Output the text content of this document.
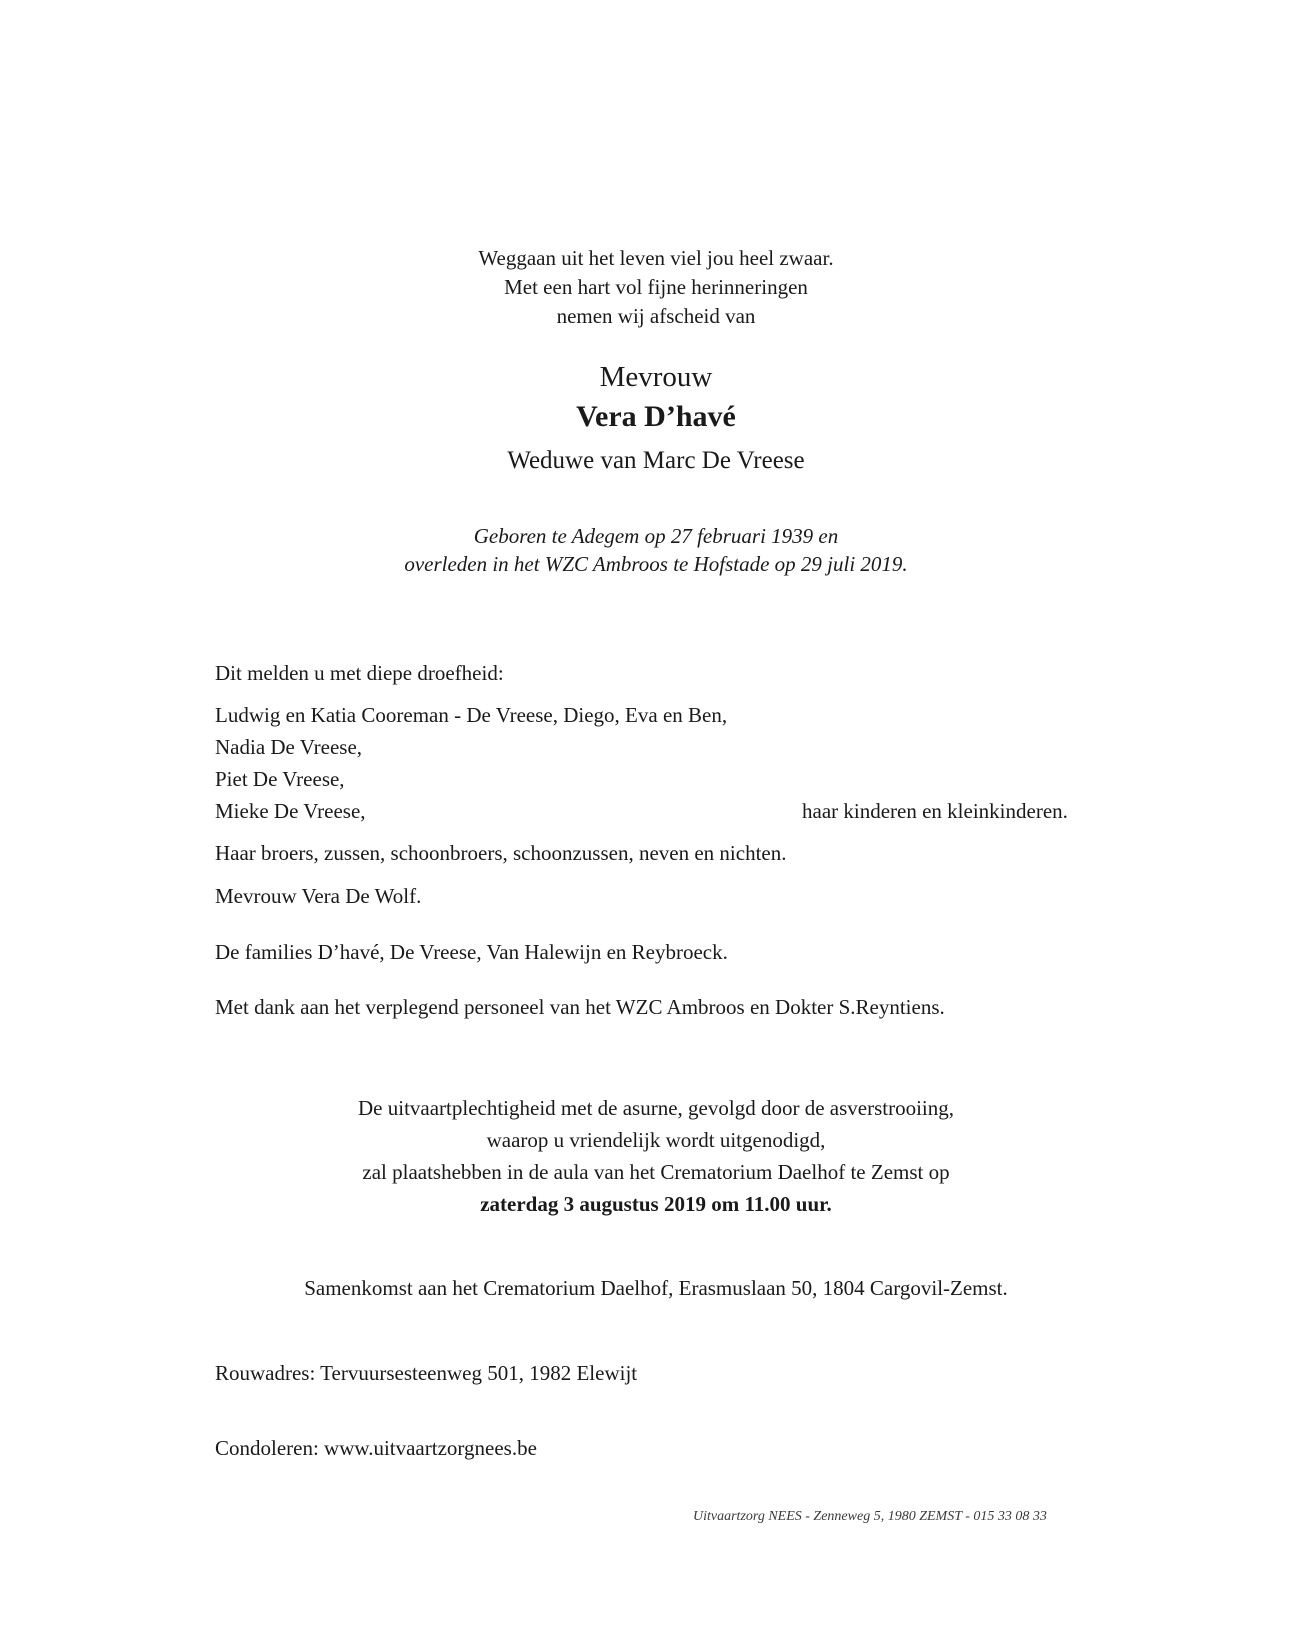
Weggaan uit het leven viel jou heel zwaar.
Met een hart vol fijne herinneringen
nemen wij afscheid van
Mevrouw
Vera D’havé
Weduwe van Marc De Vreese
Geboren te Adegem op 27 februari 1939 en
overleden in het WZC Ambroos te Hofstade op 29 juli 2019.
Dit melden u met diepe droefheid:
Ludwig en Katia Cooreman - De Vreese, Diego, Eva en Ben,
Nadia De Vreese,
Piet De Vreese,
Mieke De Vreese,	haar kinderen en kleinkinderen.
Haar broers, zussen, schoonbroers, schoonzussen, neven en nichten.
Mevrouw Vera De Wolf.
De families D’havé, De Vreese, Van Halewijn en Reybroeck.
Met dank aan het verplegend personeel van het WZC Ambroos en Dokter S.Reyntiens.
De uitvaartplechtigheid met de asurne, gevolgd door de asverstrooiing,
waarop u vriendelijk wordt uitgenodigd,
zal plaatshebben in de aula van het Crematorium Daelhof te Zemst op
zaterdag 3 augustus 2019 om 11.00 uur.
Samenkomst aan het Crematorium Daelhof, Erasmuslaan 50, 1804 Cargovil-Zemst.
Rouwadres: Tervuursesteenweg 501, 1982 Elewijt
Condoleren: www.uitvaartzorgnees.be
Uitvaartzorg NEES - Zenneweg 5, 1980 ZEMST - 015 33 08 33
